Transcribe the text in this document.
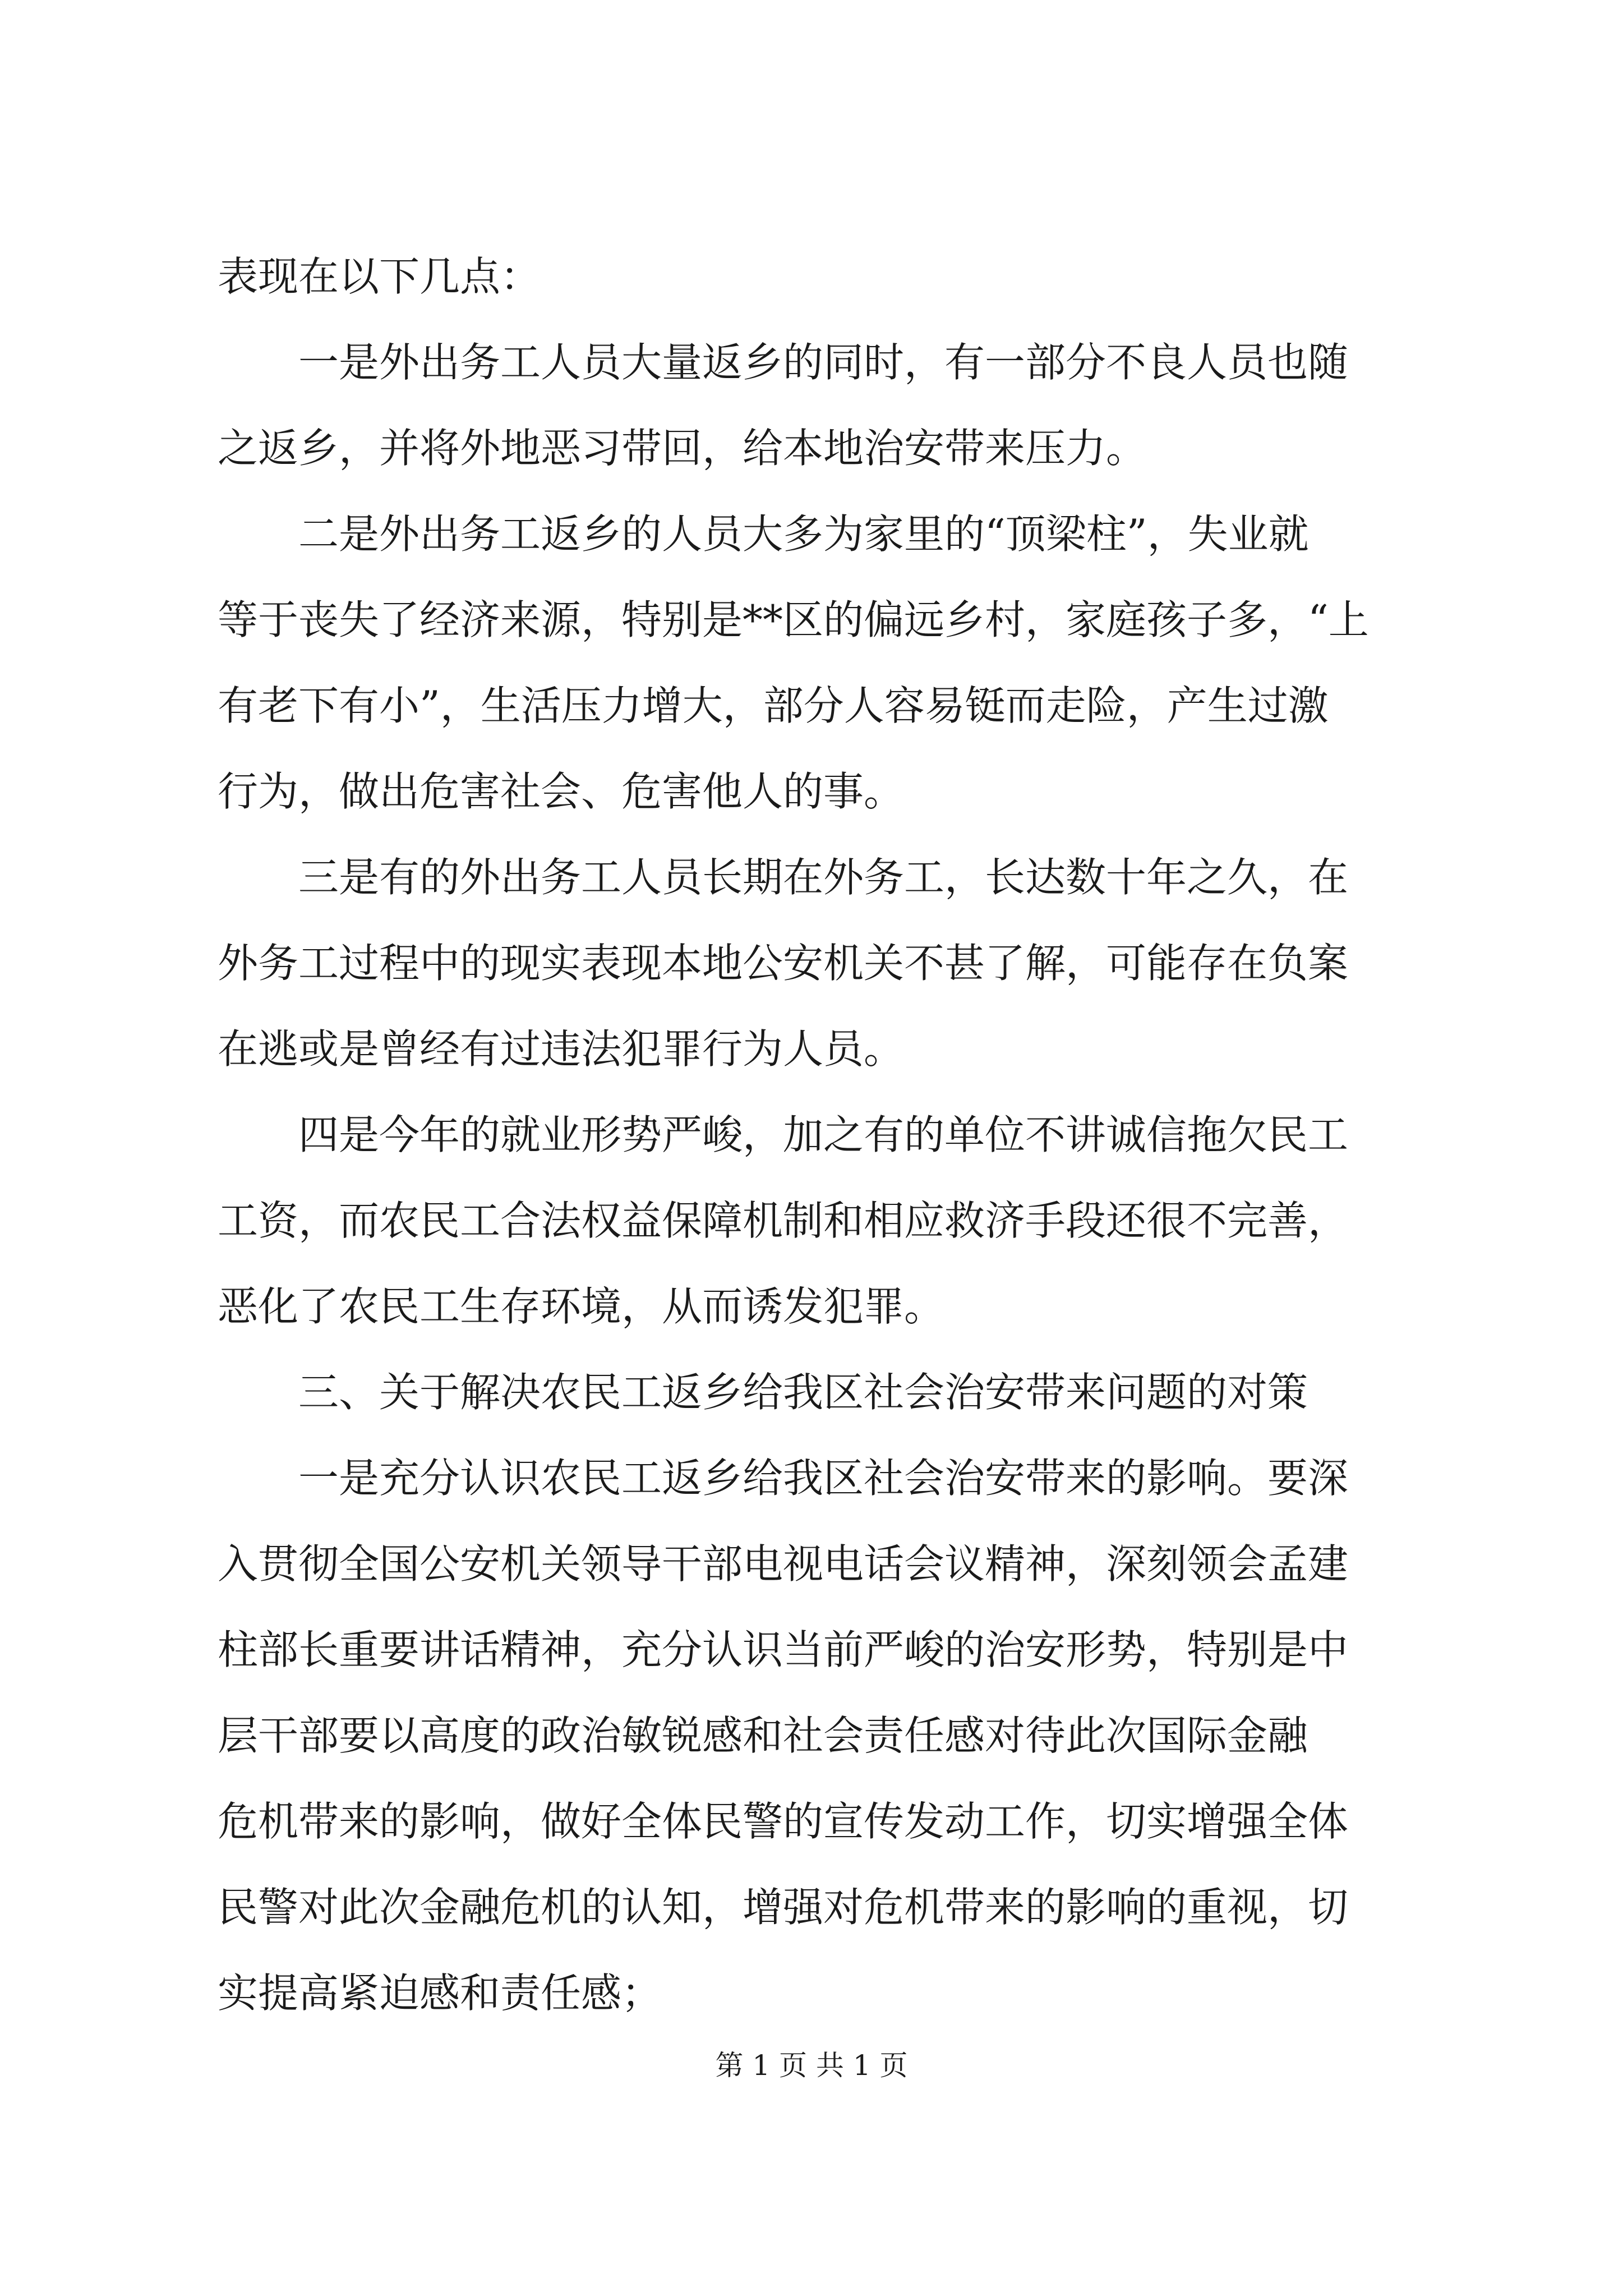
表现在以下几点：

　　一是外出务工人员大量返乡的同时，有一部分不良人员也随

之返乡，并将外地恶习带回，给本地治安带来压力。

　　二是外出务工返乡的人员大多为家里的“顶梁柱”，失业就

等于丧失了经济来源，特别是**区的偏远乡村，家庭孩子多，“上

有老下有小”，生活压力增大，部分人容易铤而走险，产生过激

行为，做出危害社会、危害他人的事。

　　三是有的外出务工人员长期在外务工，长达数十年之久，在

外务工过程中的现实表现本地公安机关不甚了解，可能存在负案

在逃或是曾经有过违法犯罪行为人员。

　　四是今年的就业形势严峻，加之有的单位不讲诚信拖欠民工

工资，而农民工合法权益保障机制和相应救济手段还很不完善，

恶化了农民工生存环境，从而诱发犯罪。

　　三、关于解决农民工返乡给我区社会治安带来问题的对策

　　一是充分认识农民工返乡给我区社会治安带来的影响。要深

入贯彻全国公安机关领导干部电视电话会议精神，深刻领会孟建

柱部长重要讲话精神，充分认识当前严峻的治安形势，特别是中

层干部要以高度的政治敏锐感和社会责任感对待此次国际金融

危机带来的影响，做好全体民警的宣传发动工作，切实增强全体

民警对此次金融危机的认知，增强对危机带来的影响的重视，切

实提高紧迫感和责任感；

第 1 页 共 1 页
